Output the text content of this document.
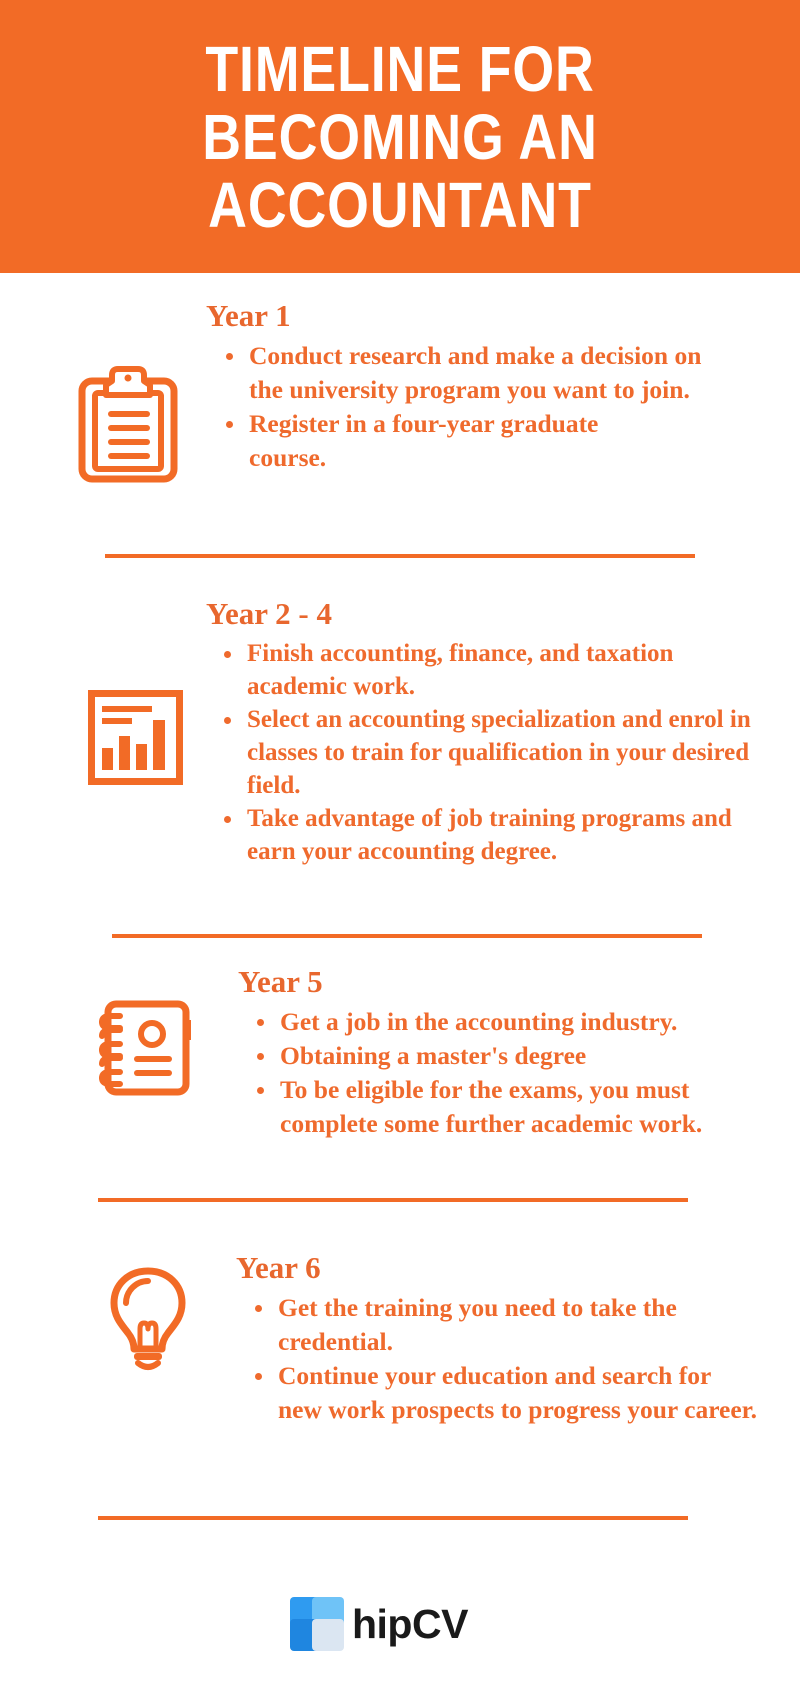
TIMELINE FOR BECOMING AN ACCOUNTANT
Year 1
Conduct research and make a decision on the university program you want to join.
Register in a four-year graduate course.
Year 2 - 4
Finish accounting, finance, and taxation academic work.
Select an accounting specialization and enrol in classes to train for qualification in your desired field.
Take advantage of job training programs and earn your accounting degree.
Year 5
Get a job in the accounting industry.
Obtaining a master's degree
To be eligible for the exams, you must complete some further academic work.
Year 6
Get the training you need to take the credential.
Continue your education and search for new work prospects to progress your career.
hipCV
